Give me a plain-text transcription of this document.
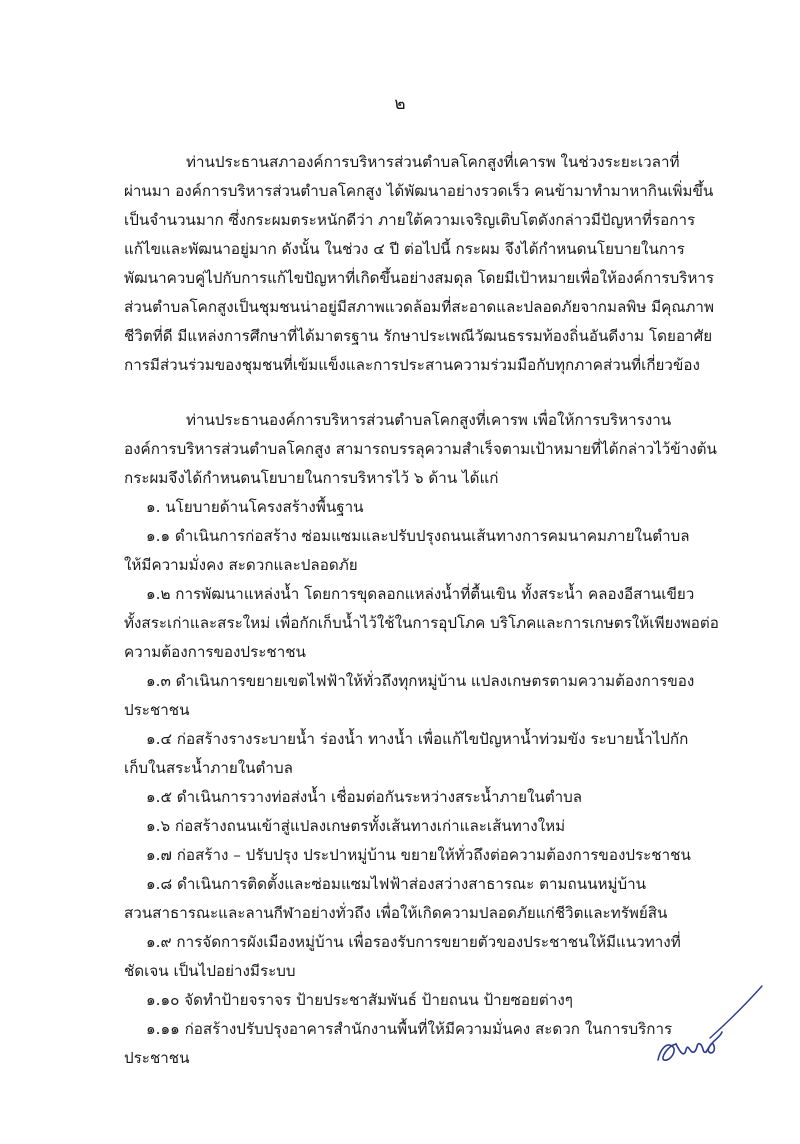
๒
ท่านประธานสภาองค์การบริหารส่วนตำบลโคกสูงที่เคารพ ในช่วงระยะเวลาที่
ผ่านมา องค์การบริหารส่วนตำบลโคกสูง ได้พัฒนาอย่างรวดเร็ว คนข้ามาทำมาหากินเพิ่มขึ้น
เป็นจำนวนมาก ซึ่งกระผมตระหนักดีว่า ภายใต้ความเจริญเติบโตดังกล่าวมีปัญหาที่รอการ
แก้ไขและพัฒนาอยู่มาก ดังนั้น ในช่วง ๔ ปี ต่อไปนี้ กระผม จึงได้กำหนดนโยบายในการ
พัฒนาควบคู่ไปกับการแก้ไขปัญหาที่เกิดขึ้นอย่างสมดุล โดยมีเป้าหมายเพื่อให้องค์การบริหาร
ส่วนตำบลโคกสูงเป็นชุมชนน่าอยู่มีสภาพแวดล้อมที่สะอาดและปลอดภัยจากมลพิษ มีคุณภาพ
ชีวิตที่ดี มีแหล่งการศึกษาที่ได้มาตรฐาน รักษาประเพณีวัฒนธรรมท้องถิ่นอันดีงาม โดยอาศัย
การมีส่วนร่วมของชุมชนที่เข้มแข็งและการประสานความร่วมมือกับทุกภาคส่วนที่เกี่ยวข้อง
ท่านประธานองค์การบริหารส่วนตำบลโคกสูงที่เคารพ เพื่อให้การบริหารงาน
องค์การบริหารส่วนตำบลโคกสูง สามารถบรรลุความสำเร็จตามเป้าหมายที่ได้กล่าวไว้ข้างต้น
กระผมจึงได้กำหนดนโยบายในการบริหารไว้ ๖ ด้าน ได้แก่
๑. นโยบายด้านโครงสร้างพื้นฐาน
๑.๑ ดำเนินการก่อสร้าง ซ่อมแซมและปรับปรุงถนนเส้นทางการคมนาคมภายในตำบล
ให้มีความมั่งคง สะดวกและปลอดภัย
๑.๒ การพัฒนาแหล่งน้ำ โดยการขุดลอกแหล่งน้ำที่ตื้นเขิน ทั้งสระน้ำ คลองอีสานเขียว
ทั้งสระเก่าและสระใหม่ เพื่อกักเก็บน้ำไว้ใช้ในการอุปโภค บริโภคและการเกษตรให้เพียงพอต่อ
ความต้องการของประชาชน
๑.๓ ดำเนินการขยายเขตไฟฟ้าให้ทั่วถึงทุกหมู่บ้าน แปลงเกษตรตามความต้องการของ
ประชาชน
๑.๔ ก่อสร้างรางระบายน้ำ ร่องน้ำ ทางน้ำ เพื่อแก้ไขปัญหาน้ำท่วมขัง ระบายน้ำไปกัก
เก็บในสระน้ำภายในตำบล
๑.๕ ดำเนินการวางท่อส่งน้ำ เชื่อมต่อกันระหว่างสระน้ำภายในตำบล
๑.๖ ก่อสร้างถนนเข้าสู่แปลงเกษตรทั้งเส้นทางเก่าและเส้นทางใหม่
๑.๗ ก่อสร้าง – ปรับปรุง ประปาหมู่บ้าน ขยายให้ทั่วถึงต่อความต้องการของประชาชน
๑.๘ ดำเนินการติดตั้งและซ่อมแซมไฟฟ้าส่องสว่างสาธารณะ ตามถนนหมู่บ้าน
สวนสาธารณะและลานกีฬาอย่างทั่วถึง เพื่อให้เกิดความปลอดภัยแก่ชีวิตและทรัพย์สิน
๑.๙ การจัดการผังเมืองหมู่บ้าน เพื่อรองรับการขยายตัวของประชาชนให้มีแนวทางที่
ชัดเจน เป็นไปอย่างมีระบบ
๑.๑๐ จัดทำป้ายจราจร ป้ายประชาสัมพันธ์ ป้ายถนน ป้ายซอยต่างๆ
๑.๑๑ ก่อสร้างปรับปรุงอาคารสำนักงานพื้นที่ให้มีความมั่นคง สะดวก ในการบริการ
ประชาชน
